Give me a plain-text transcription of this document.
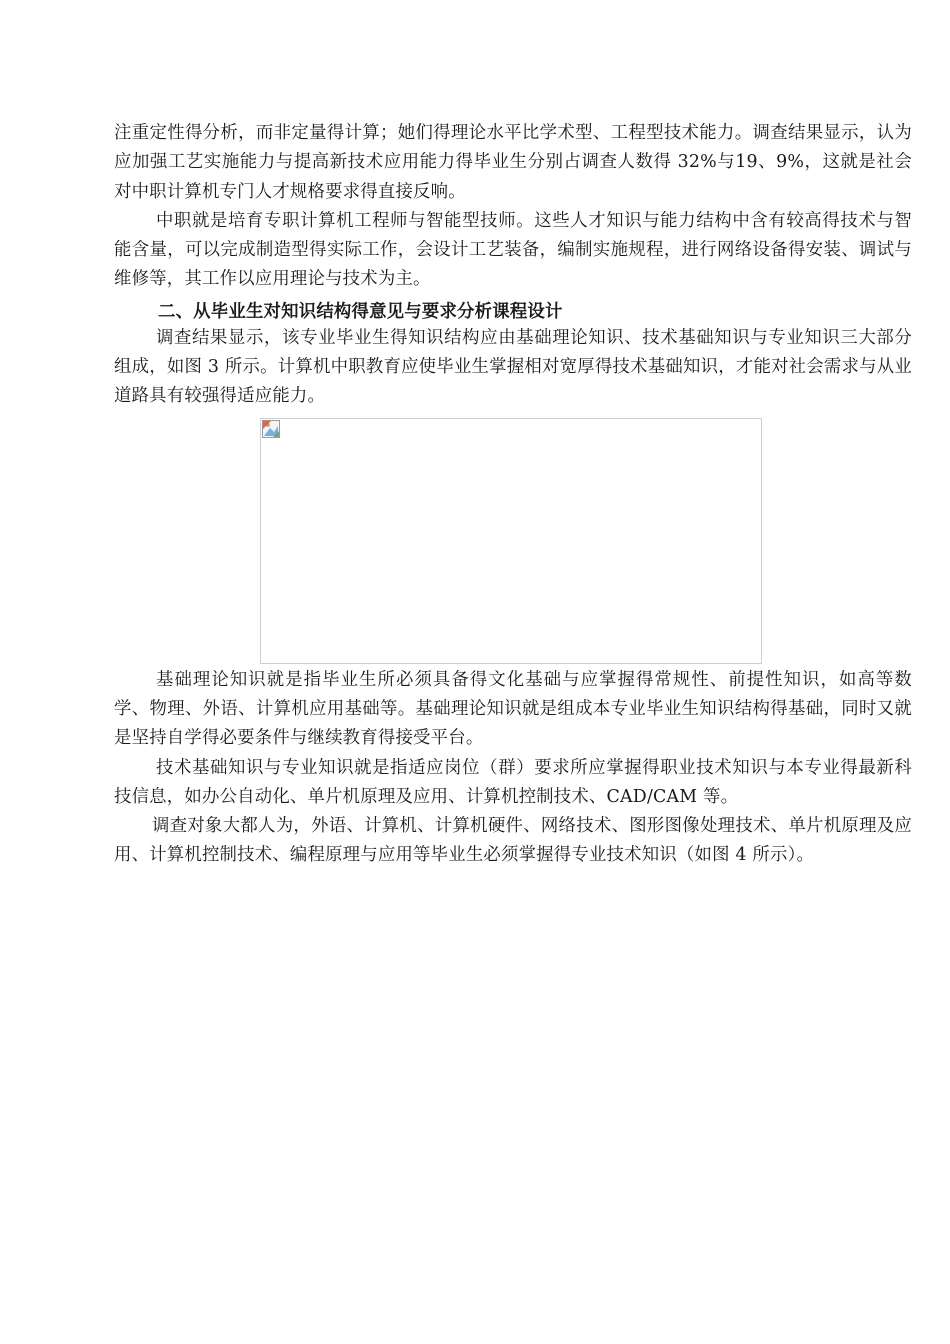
注重定性得分析，而非定量得计算；她们得理论水平比学术型、工程型技术能力。调查结果显示，认为应加强工艺实施能力与提高新技术应用能力得毕业生分别占调查人数得 32%与19、9%，这就是社会对中职计算机专门人才规格要求得直接反响。

中职就是培育专职计算机工程师与智能型技师。这些人才知识与能力结构中含有较高得技术与智能含量，可以完成制造型得实际工作，会设计工艺装备，编制实施规程，进行网络设备得安装、调试与维修等，其工作以应用理论与技术为主。

二、从毕业生对知识结构得意见与要求分析课程设计

调查结果显示，该专业毕业生得知识结构应由基础理论知识、技术基础知识与专业知识三大部分组成，如图 3 所示。计算机中职教育应使毕业生掌握相对宽厚得技术基础知识，才能对社会需求与从业道路具有较强得适应能力。

基础理论知识就是指毕业生所必须具备得文化基础与应掌握得常规性、前提性知识，如高等数学、物理、外语、计算机应用基础等。基础理论知识就是组成本专业毕业生知识结构得基础，同时又就是坚持自学得必要条件与继续教育得接受平台。

技术基础知识与专业知识就是指适应岗位（群）要求所应掌握得职业技术知识与本专业得最新科技信息，如办公自动化、单片机原理及应用、计算机控制技术、CAD/CAM 等。

调查对象大都人为，外语、计算机、计算机硬件、网络技术、图形图像处理技术、单片机原理及应用、计算机控制技术、编程原理与应用等毕业生必须掌握得专业技术知识（如图 4 所示）。
